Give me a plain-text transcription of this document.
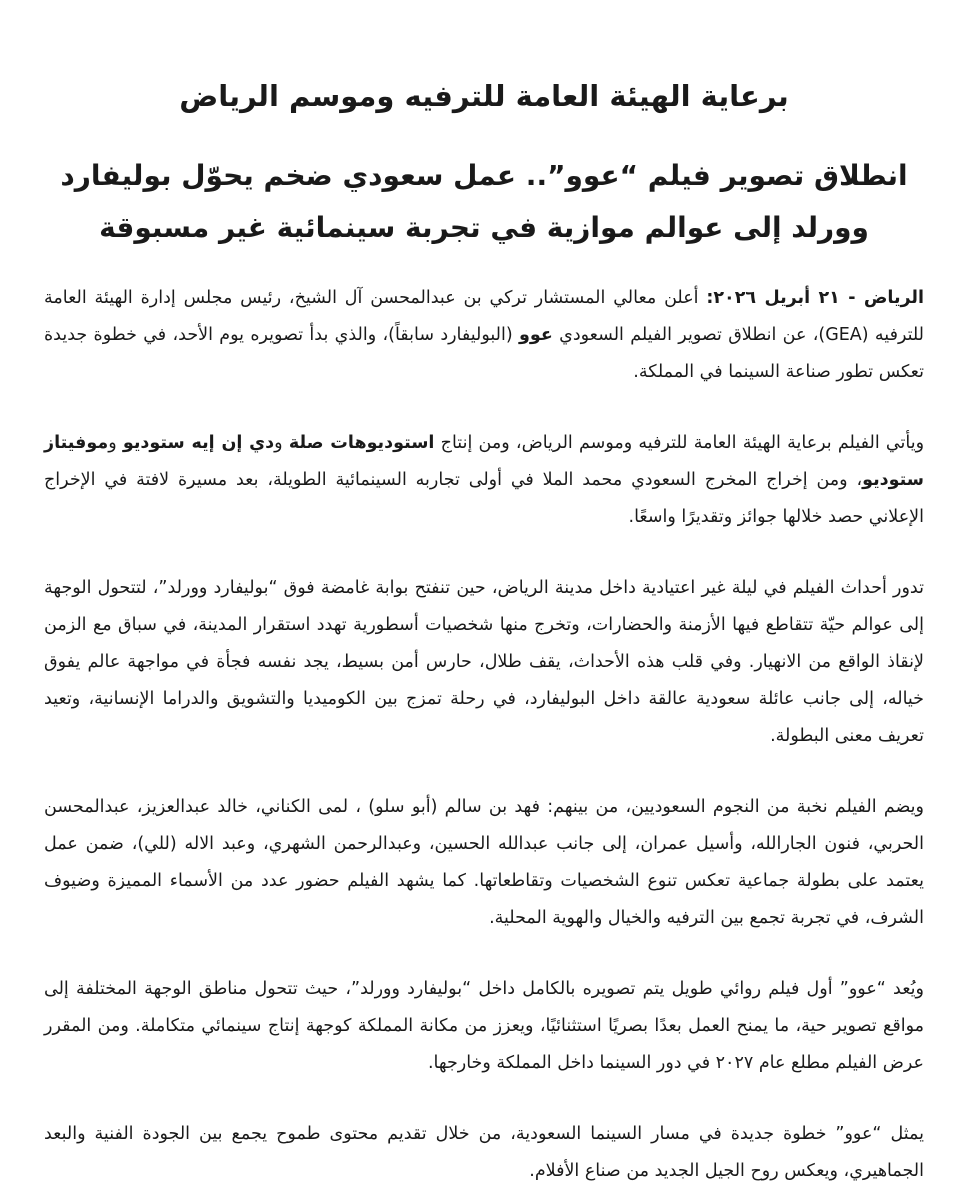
برعاية الهيئة العامة للترفيه وموسم الرياض
انطلاق تصوير فيلم “عوو”.. عمل سعودي ضخم يحوّل بوليفارد وورلد إلى عوالم موازية في تجربة سينمائية غير مسبوقة

الرياض - ٢١ أبريل ٢٠٢٦: أعلن معالي المستشار تركي بن عبدالمحسن آل الشيخ، رئيس مجلس إدارة الهيئة العامة للترفيه (GEA)، عن انطلاق تصوير الفيلم السعودي عوو (البوليفارد سابقاً)، والذي بدأ تصويره يوم الأحد، في خطوة جديدة تعكس تطور صناعة السينما في المملكة.

ويأتي الفيلم برعاية الهيئة العامة للترفيه وموسم الرياض، ومن إنتاج استوديوهات صلة ودي إن إيه ستوديو وموفيتاز ستوديو، ومن إخراج المخرج السعودي محمد الملا في أولى تجاربه السينمائية الطويلة، بعد مسيرة لافتة في الإخراج الإعلاني حصد خلالها جوائز وتقديرًا واسعًا.

تدور أحداث الفيلم في ليلة غير اعتيادية داخل مدينة الرياض، حين تنفتح بوابة غامضة فوق “بوليفارد وورلد”، لتتحول الوجهة إلى عوالم حيّة تتقاطع فيها الأزمنة والحضارات، وتخرج منها شخصيات أسطورية تهدد استقرار المدينة، في سباق مع الزمن لإنقاذ الواقع من الانهيار. وفي قلب هذه الأحداث، يقف طلال، حارس أمن بسيط، يجد نفسه فجأة في مواجهة عالم يفوق خياله، إلى جانب عائلة سعودية عالقة داخل البوليفارد، في رحلة تمزج بين الكوميديا والتشويق والدراما الإنسانية، وتعيد تعريف معنى البطولة.

ويضم الفيلم نخبة من النجوم السعوديين، من بينهم: فهد بن سالم (أبو سلو) ، لمى الكناني، خالد عبدالعزيز، عبدالمحسن الحربي، فنون الجارالله، وأسيل عمران، إلى جانب عبدالله الحسين، وعبدالرحمن الشهري، وعبد الاله (للي)، ضمن عمل يعتمد على بطولة جماعية تعكس تنوع الشخصيات وتقاطعاتها. كما يشهد الفيلم حضور عدد من الأسماء المميزة وضيوف الشرف، في تجربة تجمع بين الترفيه والخيال والهوية المحلية.

ويُعد “عوو” أول فيلم روائي طويل يتم تصويره بالكامل داخل “بوليفارد وورلد”، حيث تتحول مناطق الوجهة المختلفة إلى مواقع تصوير حية، ما يمنح العمل بعدًا بصريًا استثنائيًا، ويعزز من مكانة المملكة كوجهة إنتاج سينمائي متكاملة. ومن المقرر عرض الفيلم مطلع عام ٢٠٢٧ في دور السينما داخل المملكة وخارجها.

يمثل “عوو” خطوة جديدة في مسار السينما السعودية، من خلال تقديم محتوى طموح يجمع بين الجودة الفنية والبعد الجماهيري، ويعكس روح الجيل الجديد من صناع الأفلام.
